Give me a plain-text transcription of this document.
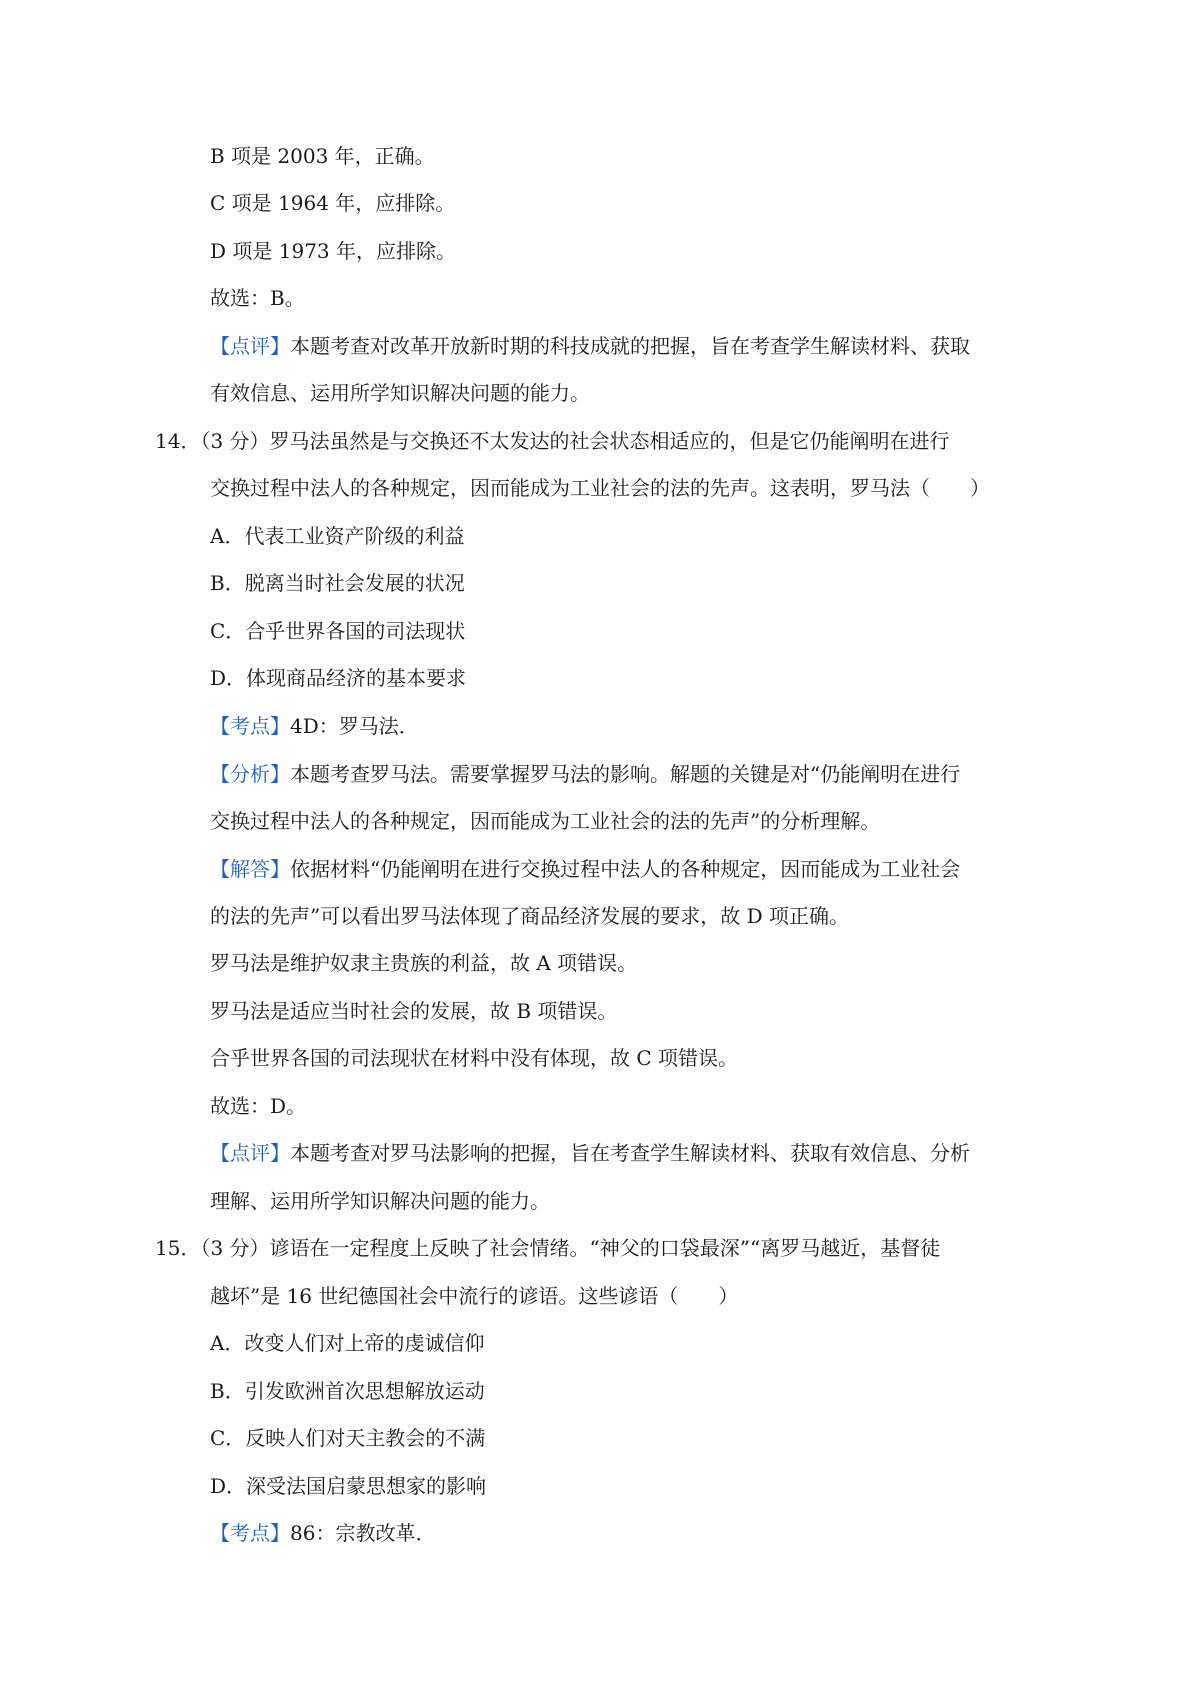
B 项是 2003 年，正确。
C 项是 1964 年，应排除。
D 项是 1973 年，应排除。
故选：B。
【点评】本题考查对改革开放新时期的科技成就的把握，旨在考查学生解读材料、获取
有效信息、运用所学知识解决问题的能力。
14．（3 分）罗马法虽然是与交换还不太发达的社会状态相适应的，但是它仍能阐明在进行
交换过程中法人的各种规定，因而能成为工业社会的法的先声。这表明，罗马法（　　）
A．代表工业资产阶级的利益
B．脱离当时社会发展的状况
C．合乎世界各国的司法现状
D．体现商品经济的基本要求
【考点】4D：罗马法．
【分析】本题考查罗马法。需要掌握罗马法的影响。解题的关键是对“仍能阐明在进行
交换过程中法人的各种规定，因而能成为工业社会的法的先声”的分析理解。
【解答】依据材料“仍能阐明在进行交换过程中法人的各种规定，因而能成为工业社会
的法的先声”可以看出罗马法体现了商品经济发展的要求，故 D 项正确。
罗马法是维护奴隶主贵族的利益，故 A 项错误。
罗马法是适应当时社会的发展，故 B 项错误。
合乎世界各国的司法现状在材料中没有体现，故 C 项错误。
故选：D。
【点评】本题考查对罗马法影响的把握，旨在考查学生解读材料、获取有效信息、分析
理解、运用所学知识解决问题的能力。
15．（3 分）谚语在一定程度上反映了社会情绪。“神父的口袋最深”“离罗马越近，基督徒
越坏”是 16 世纪德国社会中流行的谚语。这些谚语（　　）
A．改变人们对上帝的虔诚信仰
B．引发欧洲首次思想解放运动
C．反映人们对天主教会的不满
D．深受法国启蒙思想家的影响
【考点】86：宗教改革．
